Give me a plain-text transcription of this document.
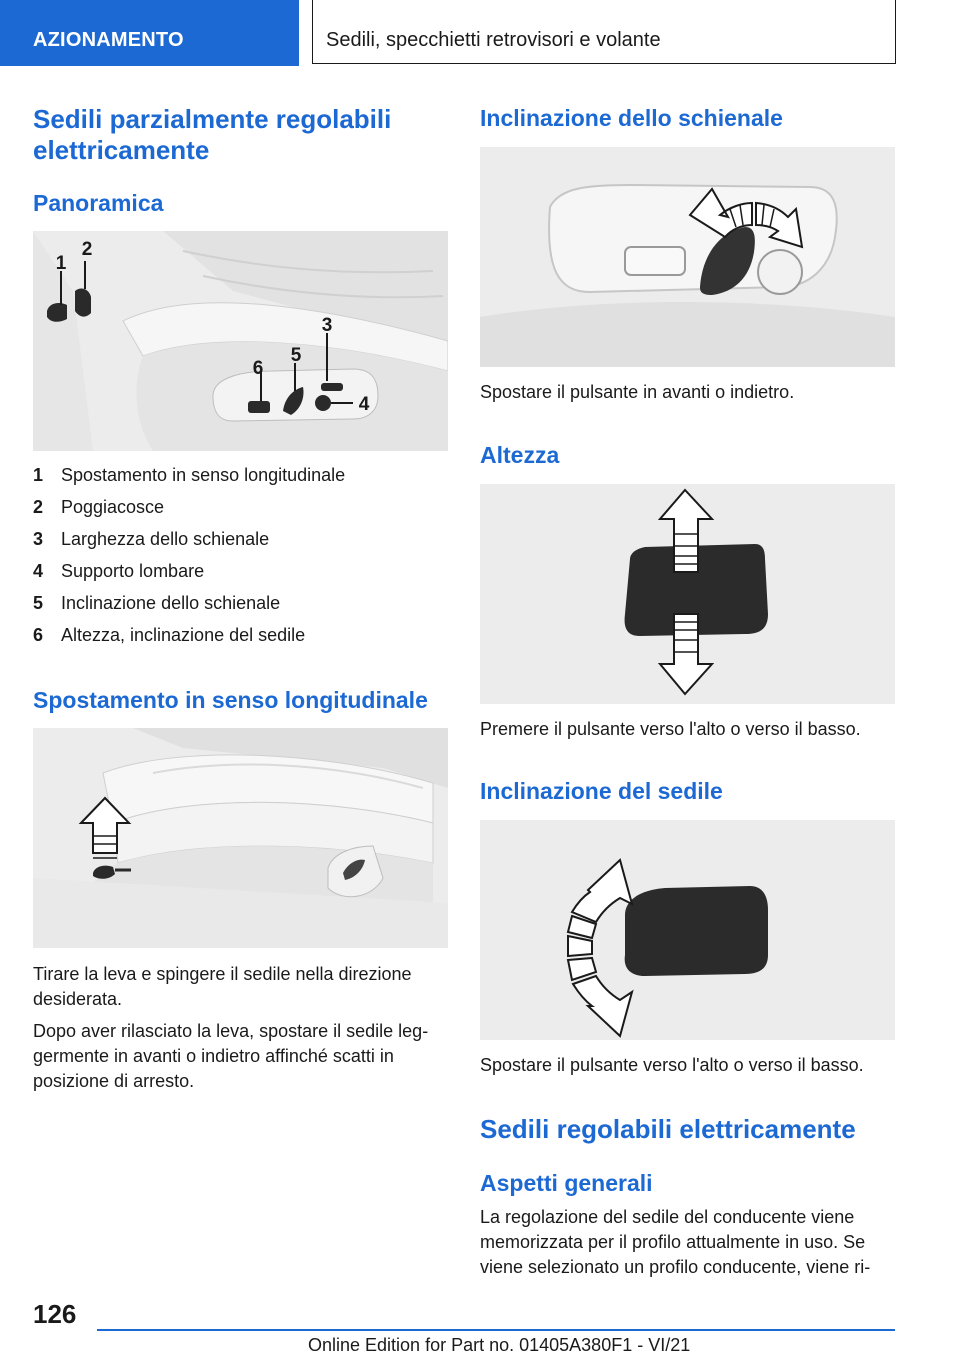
AZIONAMENTO	Sedili, specchietti retrovisori e volante
Sedili parzialmente regolabili elettricamente
Panoramica
1
2
3
4
5
6
1 Spostamento in senso longitudinale
2 Poggiacosce
3 Larghezza dello schienale
4 Supporto lombare
5 Inclinazione dello schienale
6 Altezza, inclinazione del sedile
Spostamento in senso longitudinale

Tirare la leva e spingere il sedile nella direzione desiderata.

Dopo aver rilasciato la leva, spostare il sedile leg‐germente in avanti o indietro affinché scatti in posizione di arresto.

Inclinazione dello schienale

Spostare il pulsante in avanti o indietro.

Altezza

Premere il pulsante verso l'alto o verso il basso.

Inclinazione del sedile

Spostare il pulsante verso l'alto o verso il basso.

Sedili regolabili elettricamente
Aspetti generali

La regolazione del sedile del conducente viene memorizzata per il profilo attualmente in uso. Se viene selezionato un profilo conducente, viene ri‐

126
Online Edition for Part no. 01405A380F1 - VI/21
